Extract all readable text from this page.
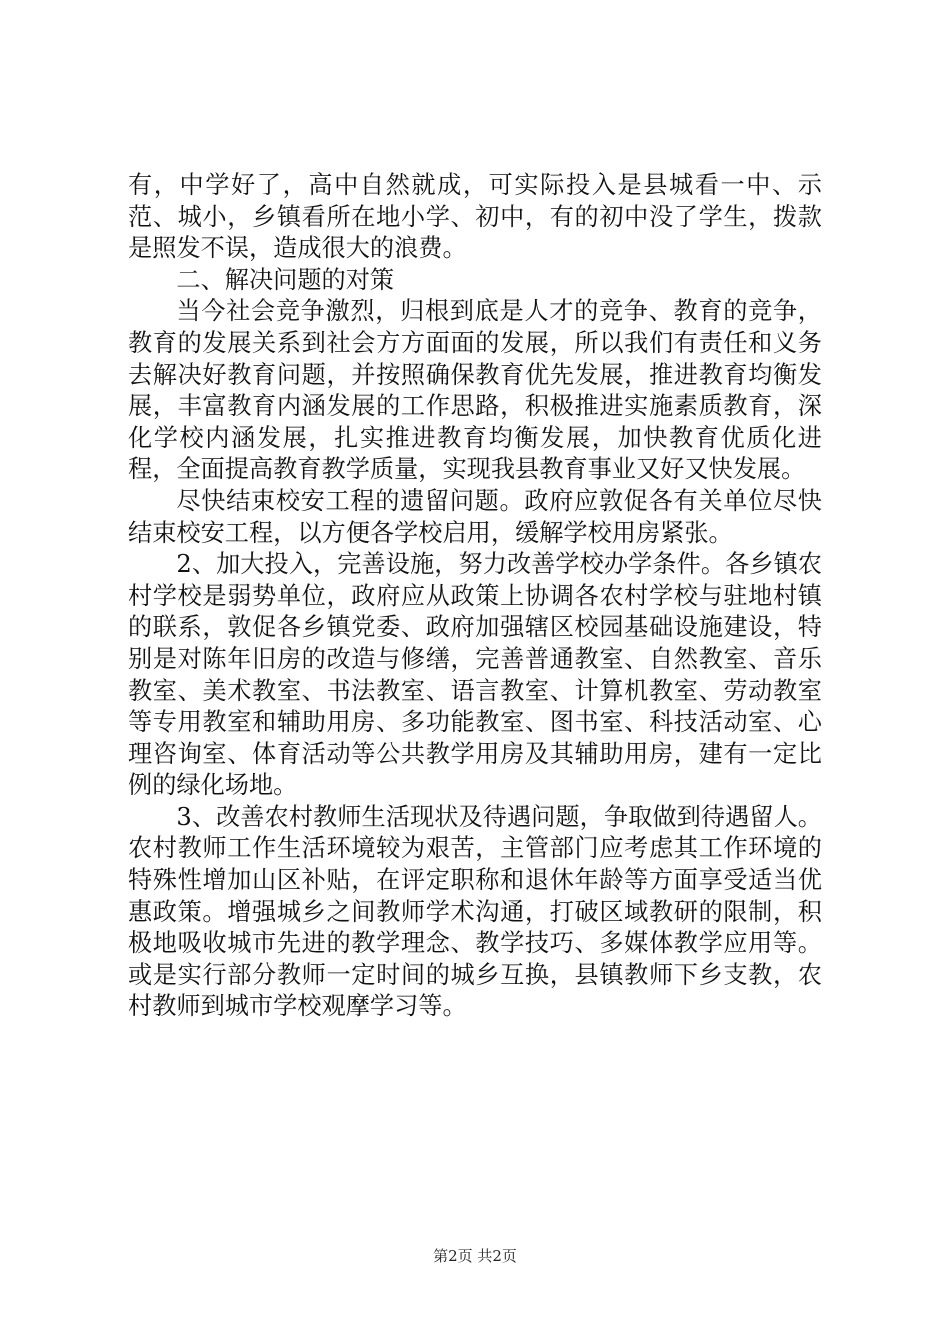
有，中学好了，高中自然就成，可实际投入是县城看一中、示范、城小，乡镇看所在地小学、初中，有的初中没了学生，拨款是照发不误，造成很大的浪费。

二、解决问题的对策

当今社会竞争激烈，归根到底是人才的竞争、教育的竞争，教育的发展关系到社会方方面面的发展，所以我们有责任和义务去解决好教育问题，并按照确保教育优先发展，推进教育均衡发展，丰富教育内涵发展的工作思路，积极推进实施素质教育，深化学校内涵发展，扎实推进教育均衡发展，加快教育优质化进程，全面提高教育教学质量，实现我县教育事业又好又快发展。

尽快结束校安工程的遗留问题。政府应敦促各有关单位尽快结束校安工程，以方便各学校启用，缓解学校用房紧张。

2、加大投入，完善设施，努力改善学校办学条件。各乡镇农村学校是弱势单位，政府应从政策上协调各农村学校与驻地村镇的联系，敦促各乡镇党委、政府加强辖区校园基础设施建设，特别是对陈年旧房的改造与修缮，完善普通教室、自然教室、音乐教室、美术教室、书法教室、语言教室、计算机教室、劳动教室等专用教室和辅助用房、多功能教室、图书室、科技活动室、心理咨询室、体育活动等公共教学用房及其辅助用房，建有一定比例的绿化场地。

3、改善农村教师生活现状及待遇问题，争取做到待遇留人。农村教师工作生活环境较为艰苦，主管部门应考虑其工作环境的特殊性增加山区补贴，在评定职称和退休年龄等方面享受适当优惠政策。增强城乡之间教师学术沟通，打破区域教研的限制，积极地吸收城市先进的教学理念、教学技巧、多媒体教学应用等。或是实行部分教师一定时间的城乡互换，县镇教师下乡支教，农村教师到城市学校观摩学习等。

第2页 共2页
